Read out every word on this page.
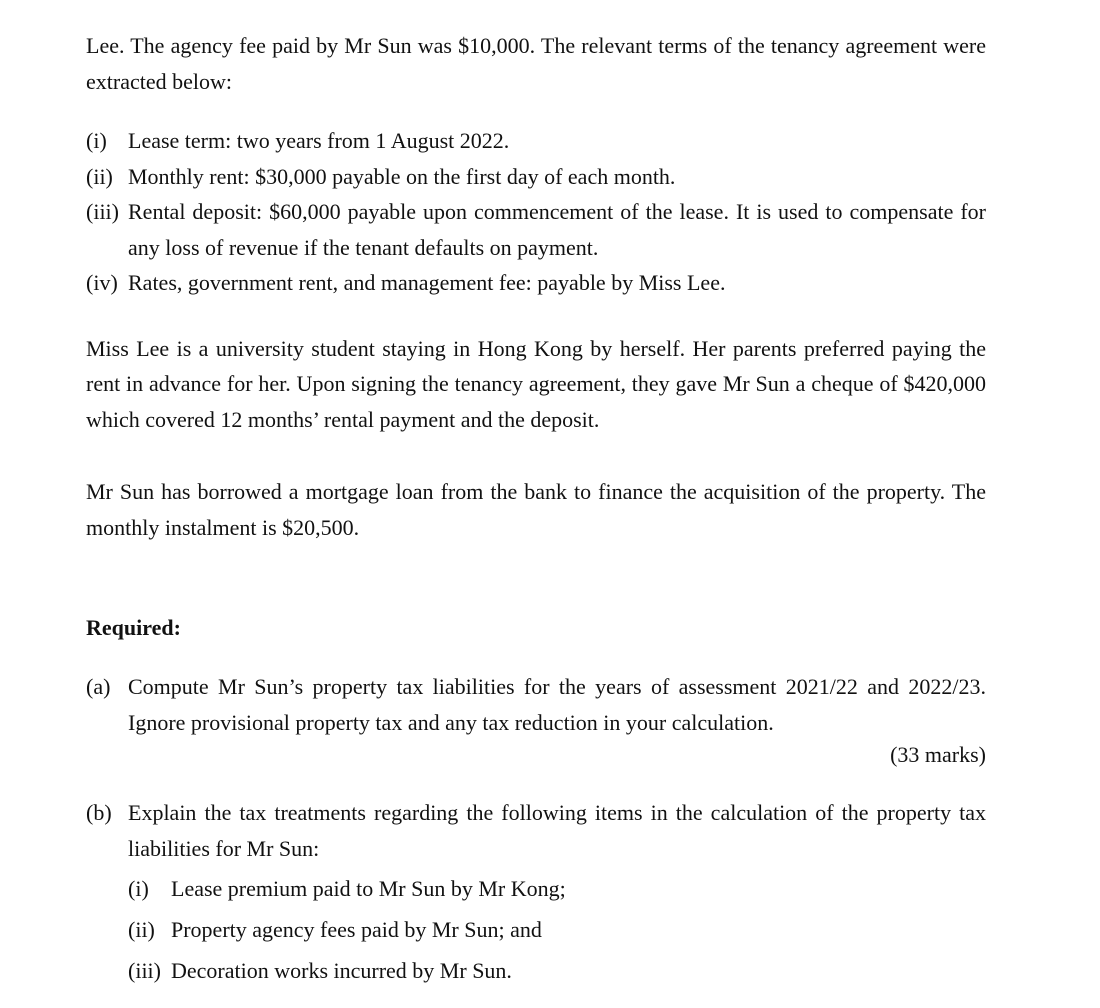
Lee. The agency fee paid by Mr Sun was $10,000. The relevant terms of the tenancy agreement were extracted below:

(i) Lease term: two years from 1 August 2022.
(ii) Monthly rent: $30,000 payable on the first day of each month.
(iii) Rental deposit: $60,000 payable upon commencement of the lease. It is used to compensate for any loss of revenue if the tenant defaults on payment.
(iv) Rates, government rent, and management fee: payable by Miss Lee.

Miss Lee is a university student staying in Hong Kong by herself. Her parents preferred paying the rent in advance for her. Upon signing the tenancy agreement, they gave Mr Sun a cheque of $420,000 which covered 12 months’ rental payment and the deposit.

Mr Sun has borrowed a mortgage loan from the bank to finance the acquisition of the property. The monthly instalment is $20,500.

Required:

(a) Compute Mr Sun’s property tax liabilities for the years of assessment 2021/22 and 2022/23. Ignore provisional property tax and any tax reduction in your calculation.
(33 marks)
(b) Explain the tax treatments regarding the following items in the calculation of the property tax liabilities for Mr Sun:
(i) Lease premium paid to Mr Sun by Mr Kong;
(ii) Property agency fees paid by Mr Sun; and
(iii) Decoration works incurred by Mr Sun.
